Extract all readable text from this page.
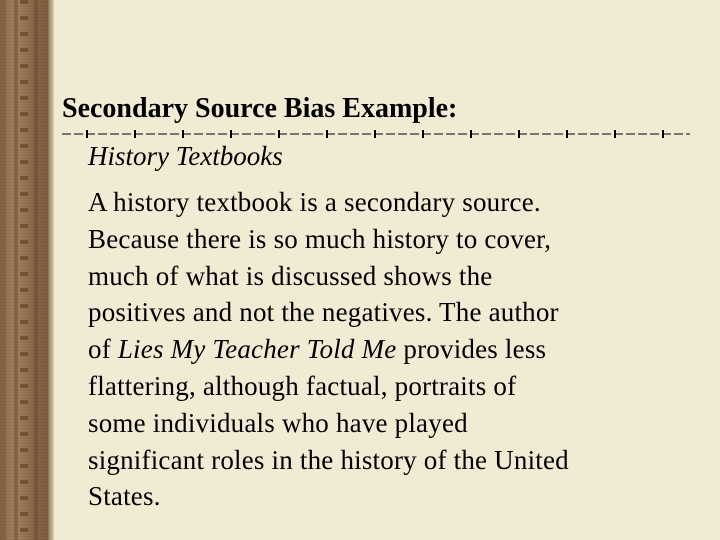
Secondary Source Bias Example:

History Textbooks

A history textbook is a secondary source.
Because there is so much history to cover,
much of what is discussed shows the
positives and not the negatives. The author
of Lies My Teacher Told Me provides less
flattering, although factual, portraits of
some individuals who have played
significant roles in the history of the United
States.
